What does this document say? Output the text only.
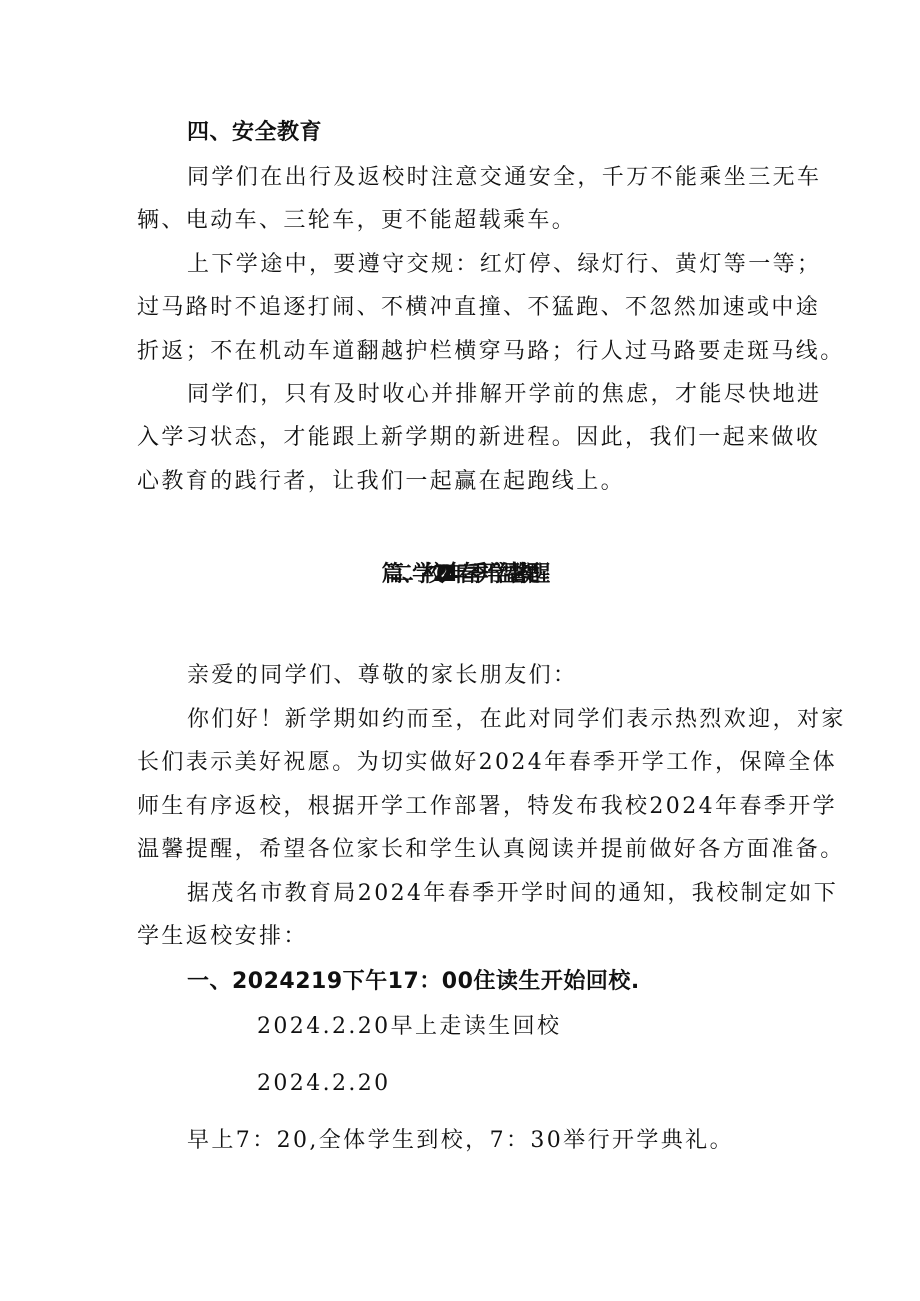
四、安全教育
同学们在出行及返校时注意交通安全，千万不能乘坐三无车
辆、电动车、三轮车，更不能超载乘车。
上下学途中，要遵守交规：红灯停、绿灯行、黄灯等一等；
过马路时不追逐打闹、不横冲直撞、不猛跑、不忽然加速或中途
折返；不在机动车道翻越护栏横穿马路；行人过马路要走斑马线。
同学们，只有及时收心并排解开学前的焦虑，才能尽快地进
入学习状态，才能跟上新学期的新进程。因此，我们一起来做收
心教育的践行者，让我们一起赢在起跑线上。
篇二、学校2024年春季开学温馨提醒
亲爱的同学们、尊敬的家长朋友们：
你们好！新学期如约而至，在此对同学们表示热烈欢迎，对家
长们表示美好祝愿。为切实做好2024年春季开学工作，保障全体
师生有序返校，根据开学工作部署，特发布我校2024年春季开学
温馨提醒，希望各位家长和学生认真阅读并提前做好各方面准备。
据茂名市教育局2024年春季开学时间的通知，我校制定如下
学生返校安排：
一、2024219下午17：00住读生开始回校.
2024.2.20早上走读生回校
2024.2.20
早上7：20,全体学生到校，7：30举行开学典礼。
